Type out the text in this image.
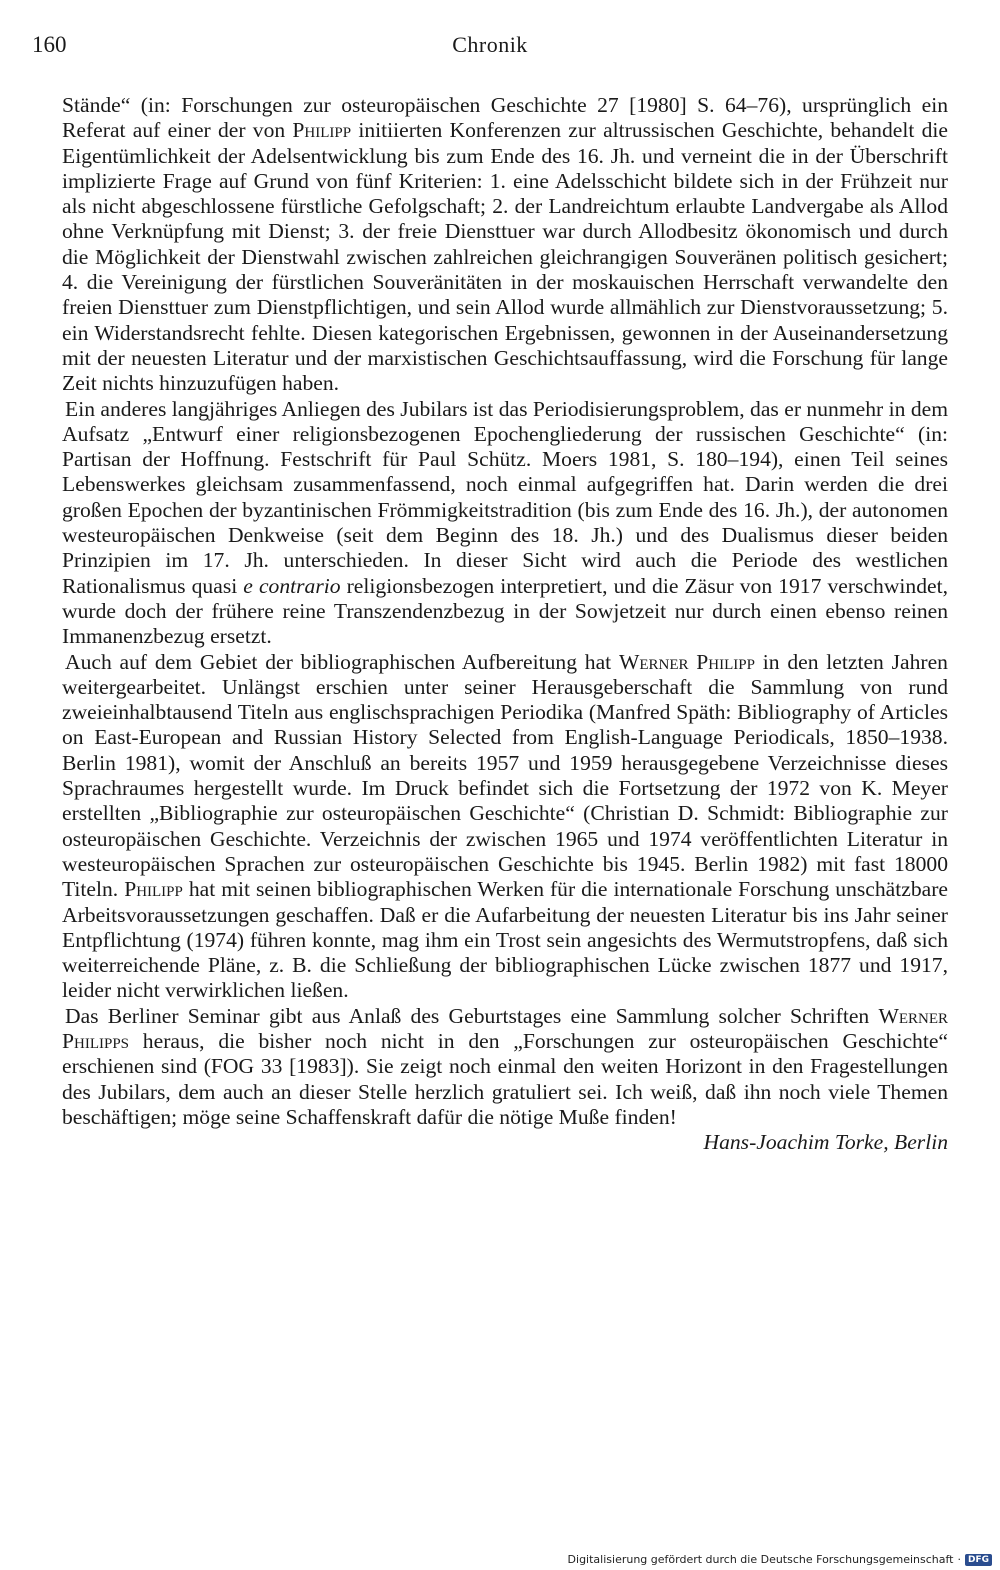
160	Chronik

Stände“ (in: Forschungen zur osteuropäischen Geschichte 27 [1980] S. 64–76), ursprünglich ein Referat auf einer der von Philipp initiierten Konferenzen zur altrussischen Geschichte, behandelt die Eigentümlichkeit der Adelsentwicklung bis zum Ende des 16. Jh. und verneint die in der Überschrift implizierte Frage auf Grund von fünf Kriterien: 1. eine Adelsschicht bildete sich in der Frühzeit nur als nicht abgeschlossene fürstliche Gefolgschaft; 2. der Landreichtum erlaubte Landvergabe als Allod ohne Verknüpfung mit Dienst; 3. der freie Diensttuer war durch Allodbesitz ökonomisch und durch die Möglichkeit der Dienstwahl zwischen zahlreichen gleichrangigen Souveränen politisch gesichert; 4. die Vereinigung der fürstlichen Souveränitäten in der moskauischen Herrschaft verwandelte den freien Diensttuer zum Dienstpflichtigen, und sein Allod wurde allmählich zur Dienstvoraussetzung; 5. ein Widerstandsrecht fehlte. Diesen kategorischen Ergebnissen, gewonnen in der Auseinandersetzung mit der neuesten Literatur und der marxistischen Geschichtsauffassung, wird die Forschung für lange Zeit nichts hinzuzufügen haben.

Ein anderes langjähriges Anliegen des Jubilars ist das Periodisierungsproblem, das er nunmehr in dem Aufsatz „Entwurf einer religionsbezogenen Epochengliederung der russischen Geschichte“ (in: Partisan der Hoffnung. Festschrift für Paul Schütz. Moers 1981, S. 180–194), einen Teil seines Lebenswerkes gleichsam zusammenfassend, noch einmal aufgegriffen hat. Darin werden die drei großen Epochen der byzantinischen Frömmigkeitstradition (bis zum Ende des 16. Jh.), der autonomen westeuropäischen Denkweise (seit dem Beginn des 18. Jh.) und des Dualismus dieser beiden Prinzipien im 17. Jh. unterschieden. In dieser Sicht wird auch die Periode des westlichen Rationalismus quasi e contrario religionsbezogen interpretiert, und die Zäsur von 1917 verschwindet, wurde doch der frühere reine Transzendenzbezug in der Sowjetzeit nur durch einen ebenso reinen Immanenzbezug ersetzt.

Auch auf dem Gebiet der bibliographischen Aufbereitung hat Werner Philipp in den letzten Jahren weitergearbeitet. Unlängst erschien unter seiner Herausgeberschaft die Sammlung von rund zweieinhalbtausend Titeln aus englischsprachigen Periodika (Manfred Späth: Bibliography of Articles on East-European and Russian History Selected from English-Language Periodicals, 1850–1938. Berlin 1981), womit der Anschluß an bereits 1957 und 1959 herausgegebene Verzeichnisse dieses Sprachraumes hergestellt wurde. Im Druck befindet sich die Fortsetzung der 1972 von K. Meyer erstellten „Bibliographie zur osteuropäischen Geschichte“ (Christian D. Schmidt: Bibliographie zur osteuropäischen Geschichte. Verzeichnis der zwischen 1965 und 1974 veröffentlichten Literatur in westeuropäischen Sprachen zur osteuropäischen Geschichte bis 1945. Berlin 1982) mit fast 18000 Titeln. Philipp hat mit seinen bibliographischen Werken für die internationale Forschung unschätzbare Arbeitsvoraussetzungen geschaffen. Daß er die Aufarbeitung der neuesten Literatur bis ins Jahr seiner Entpflichtung (1974) führen konnte, mag ihm ein Trost sein angesichts des Wermutstropfens, daß sich weiterreichende Pläne, z. B. die Schließung der bibliographischen Lücke zwischen 1877 und 1917, leider nicht verwirklichen ließen.

Das Berliner Seminar gibt aus Anlaß des Geburtstages eine Sammlung solcher Schriften Werner Philipps heraus, die bisher noch nicht in den „Forschungen zur osteuropäischen Geschichte“ erschienen sind (FOG 33 [1983]). Sie zeigt noch einmal den weiten Horizont in den Fragestellungen des Jubilars, dem auch an dieser Stelle herzlich gratuliert sei. Ich weiß, daß ihn noch viele Themen beschäftigen; möge seine Schaffenskraft dafür die nötige Muße finden!

Hans-Joachim Torke, Berlin

Digitalisierung gefördert durch die Deutsche Forschungsgemeinschaft · DFG
